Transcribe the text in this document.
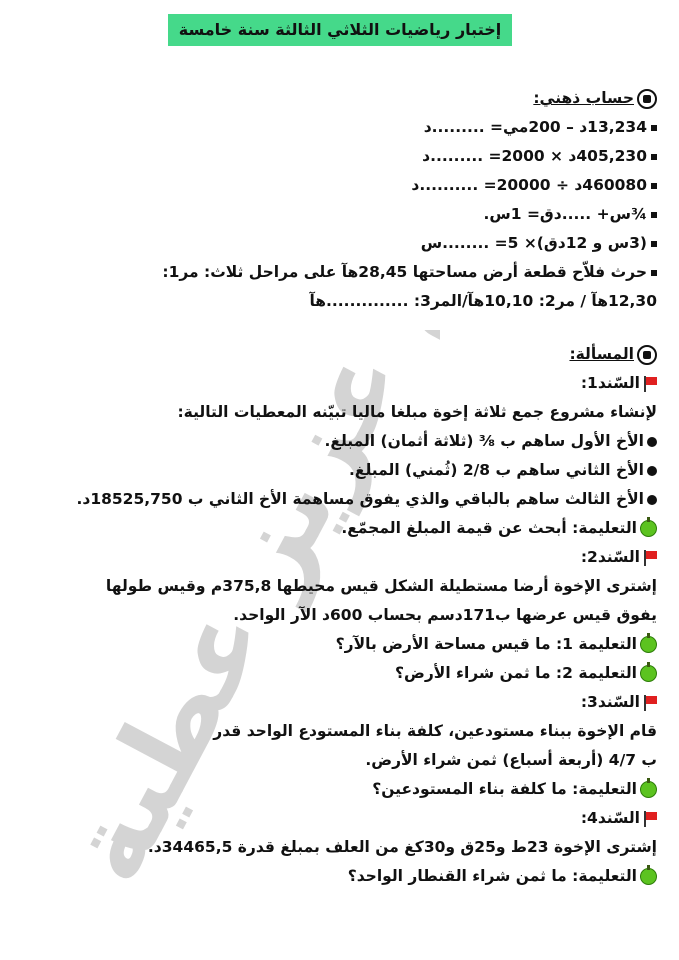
إختبار رياضيات الثلاثي الثالثة سنة خامسة
عزيز عطية
حساب ذهني:
13,234د – 200مي= .........د
405,230د × 2000= .........د
460080د ÷ 20000= ..........د
¾س+ .....دق= 1س.
(3س و 12دق)× 5= ........س
حرث فلاّح قطعة أرض مساحتها 28,45هآ على مراحل ثلاث: مر1:
12,30هآ / مر2: 10,10هآ/المر3: ..............هآ
المسألة:
السّند1:
لإنشاء مشروع جمع ثلاثة إخوة مبلغا ماليا تبيّنه المعطيات التالية:
الأخ الأول ساهم ب ⅜ (ثلاثة أثمان) المبلغ.
الأخ الثاني ساهم ب 2/8 (ثُمني) المبلغ.
الأخ الثالث ساهم بالباقي والذي يفوق مساهمة الأخ الثاني ب 18525,750د.
التعليمة: أبحث عن قيمة المبلغ المجمّع.
السّند2:
إشترى الإخوة أرضا مستطيلة الشكل قيس محيطها 375,8م وقيس طولها
يفوق قيس عرضها ب171دسم بحساب 600د الآر الواحد.
التعليمة 1: ما قيس مساحة الأرض بالآر؟
التعليمة 2: ما ثمن شراء الأرض؟
السّند3:
قام الإخوة ببناء مستودعين، كلفة بناء المستودع الواحد قدر
ب 4/7 (أربعة أسباع) ثمن شراء الأرض.
التعليمة: ما كلفة بناء المستودعين؟
السّند4:
إشترى الإخوة 23ط و25ق و30كغ من العلف بمبلغ قدرة 34465,5د.
التعليمة: ما ثمن شراء القنطار الواحد؟
